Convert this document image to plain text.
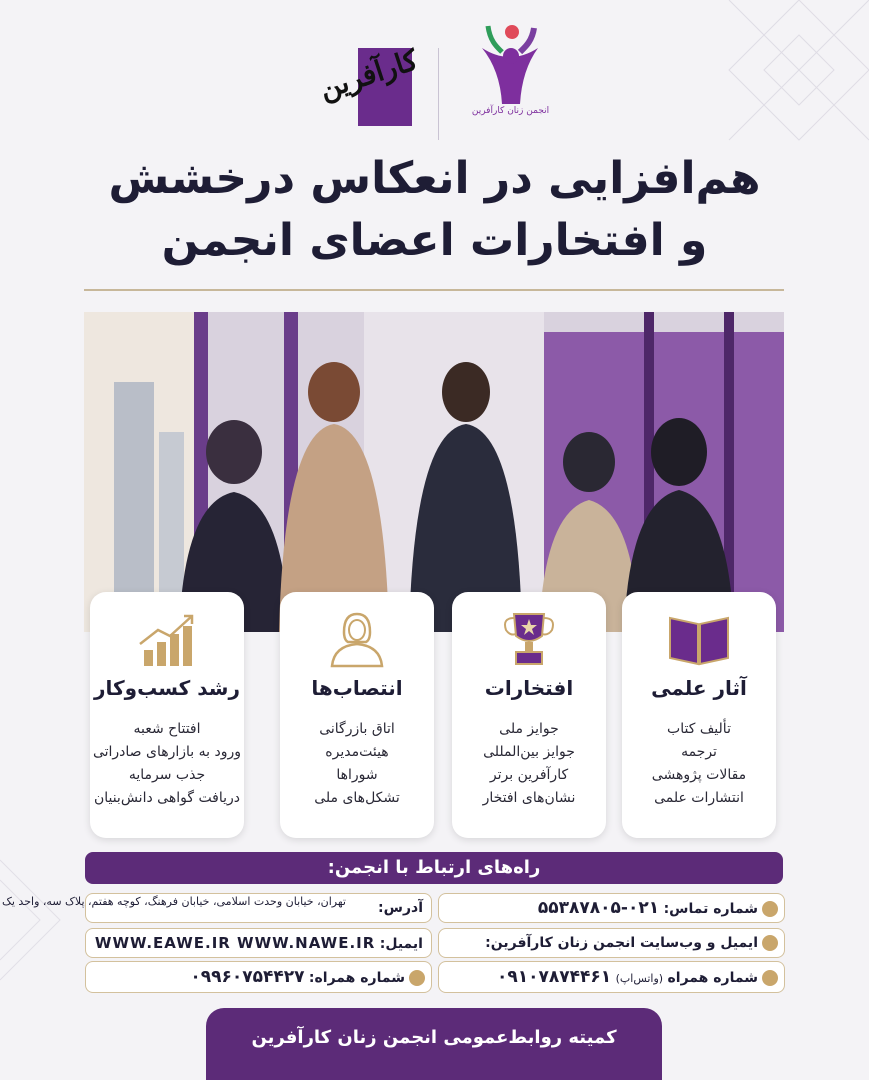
انجمن زنان کارآفرین
کارآفرین
هم‌افزایی در انعکاس درخشش
و افتخارات اعضای انجمن
آثار علمی
تألیف کتاب
ترجمه
مقالات پژوهشی
انتشارات علمی
افتخارات
جوایز ملی
جوایز بین‌المللی
کارآفرین برتر
نشان‌های افتخار
انتصاب‌ها
اتاق بازرگانی
هیئت‌مدیره
شوراها
تشکل‌های ملی
رشد کسب‌وکار
افتتاح شعبه
ورود به بازارهای صادراتی
جذب سرمایه
دریافت گواهی دانش‌بنیان
راه‌های ارتباط با انجمن:
شماره تماس: ۰۲۱-۵۵۳۸۷۸۰۵
آدرس:
تهران، خیابان وحدت اسلامی، خیابان فرهنگ، کوچه هفتم، پلاک سه، واحد یک
ایمیل و وب‌سایت انجمن زنان کارآفرین:
ایمیل: WWW.EAWE.IR WWW.NAWE.IR
شماره همراه (واتس‌اپ) ۰۹۱۰۷۸۷۴۴۶۱
شماره همراه: ۰۹۹۶۰۷۵۴۴۲۷
کمیته روابط‌عمومی انجمن زنان کارآفرین
